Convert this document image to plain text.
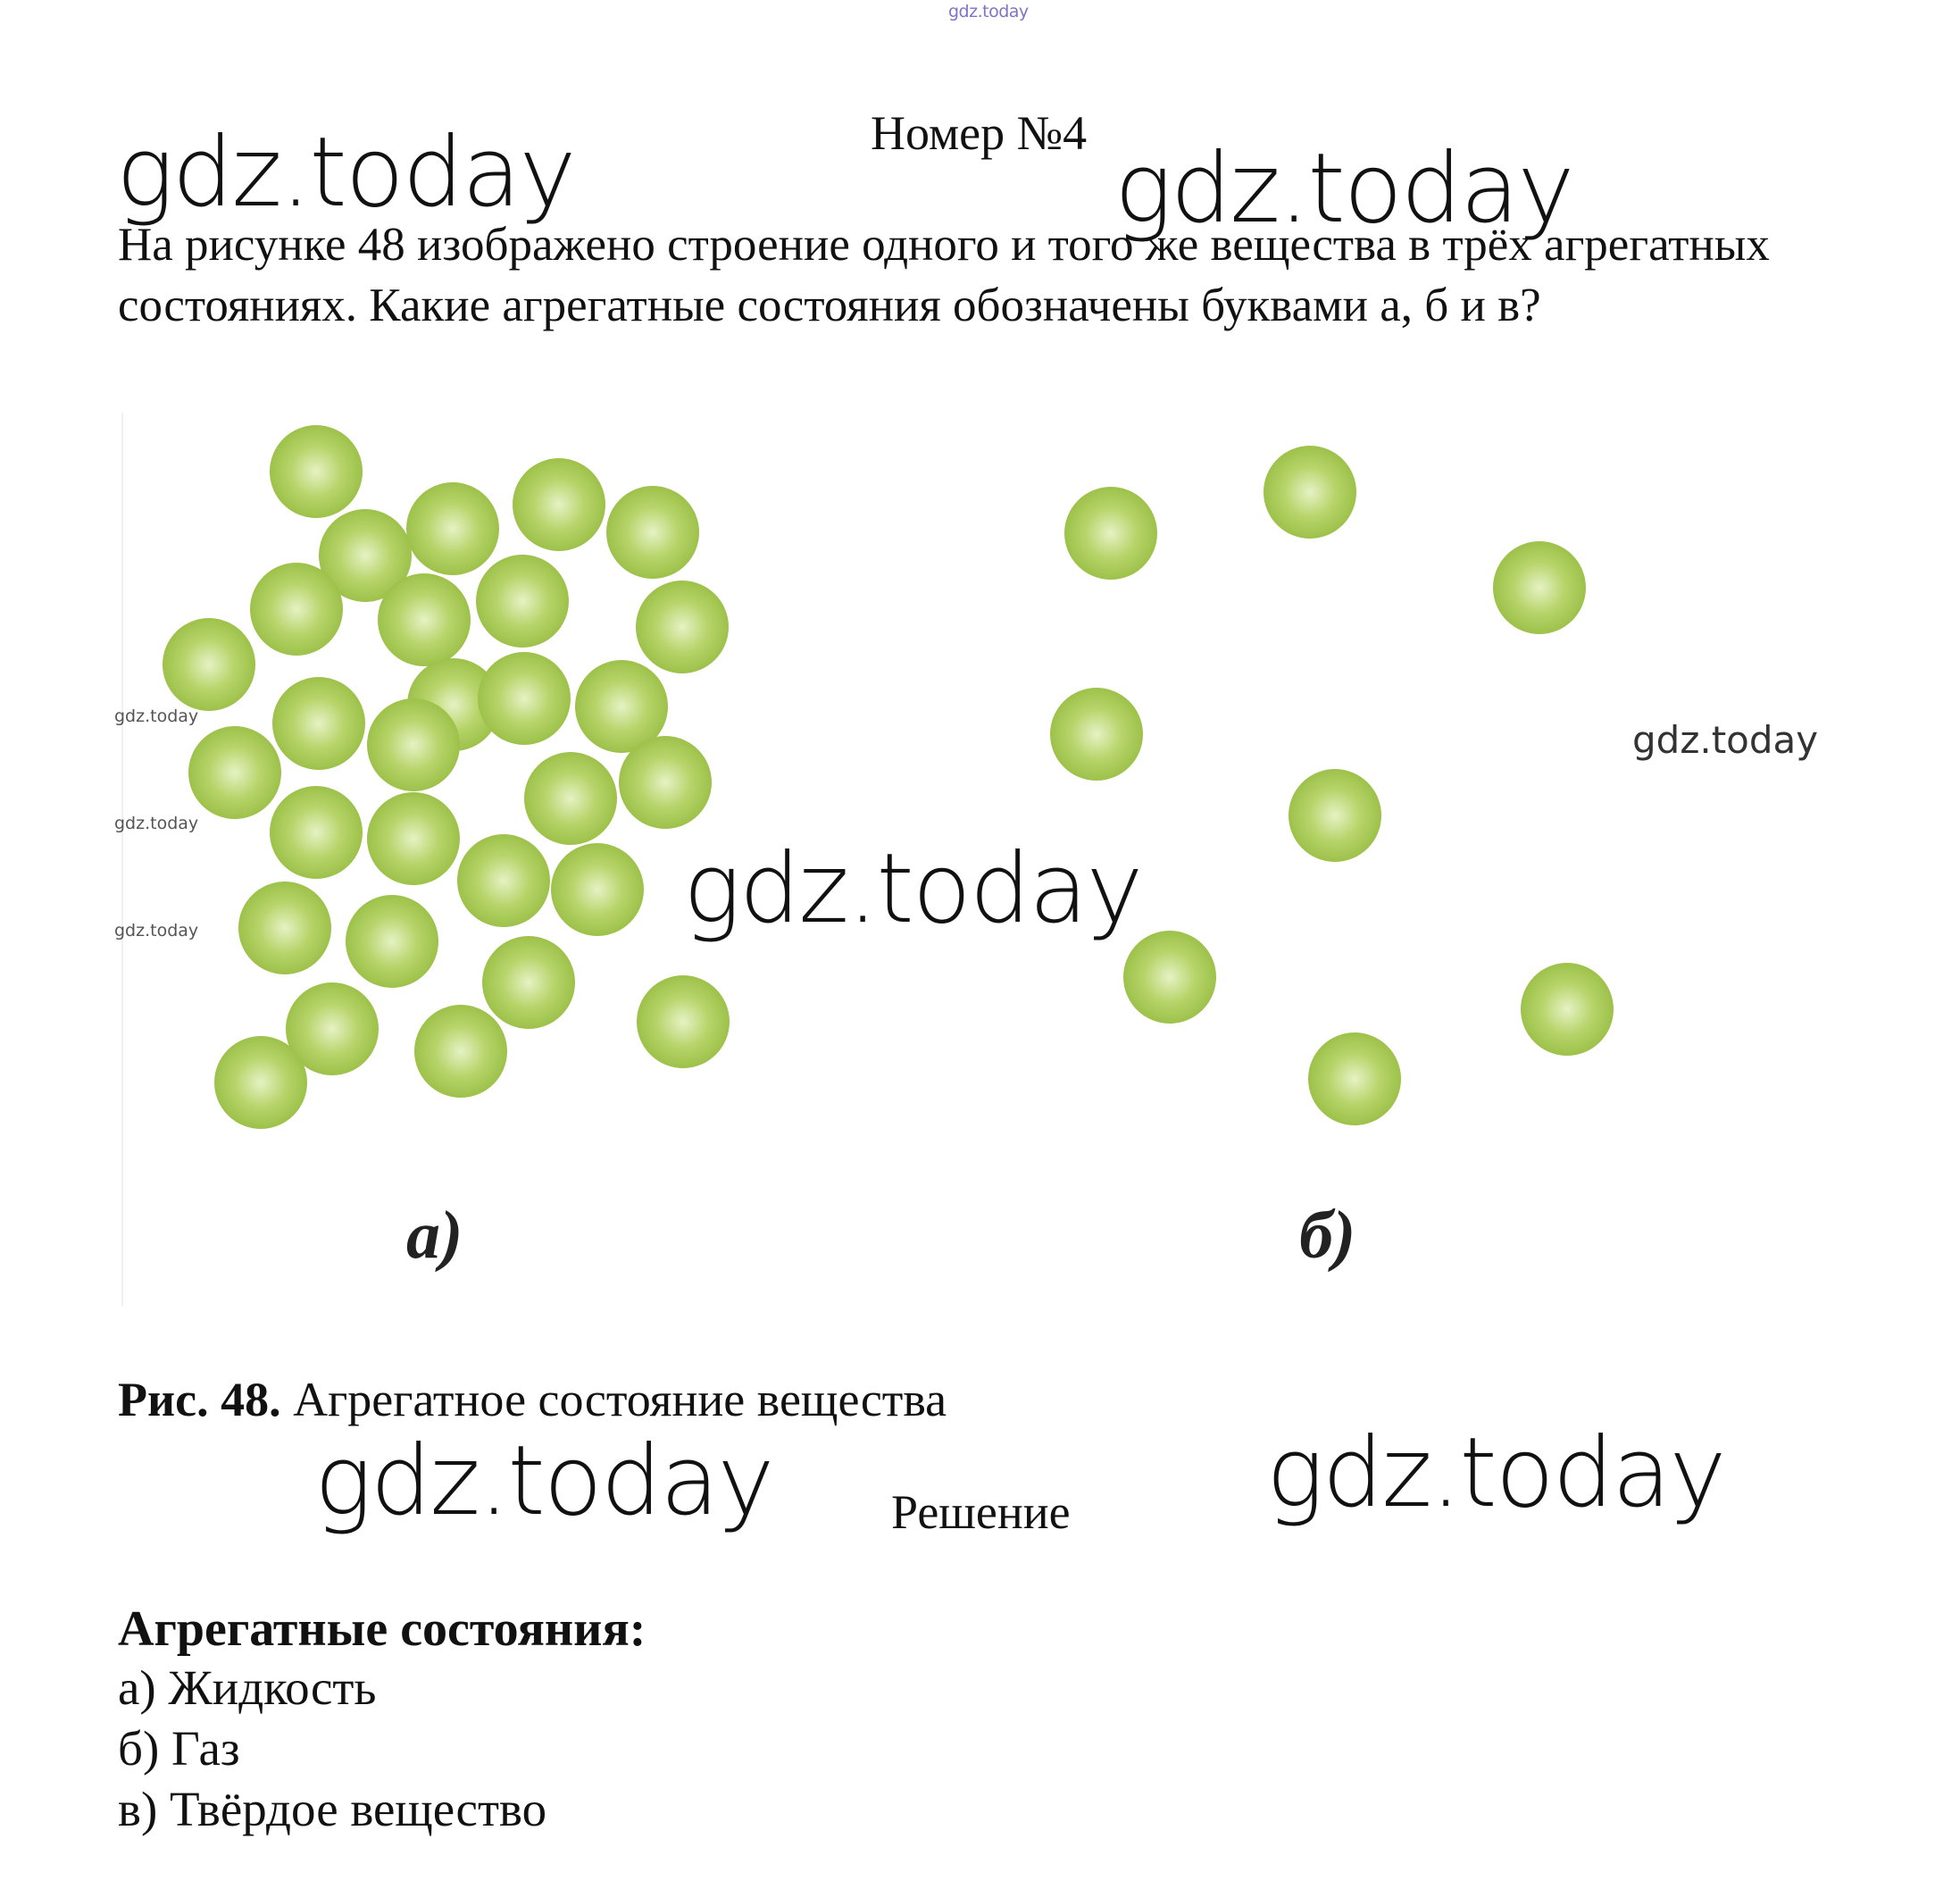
gdz.today
Номер №4
gdz.today	gdz.today
На рисунке 48 изображено строение одного и того же вещества в трёх агрегатных состояниях. Какие агрегатные состояния обозначены буквами а, б и в?
а)	б)
gdz.today
gdz.today
gdz.today
gdz.today
gdz.today
Рис. 48. Агрегатное состояние вещества
gdz.today	gdz.today
Решение
Агрегатные состояния:
а) Жидкость
б) Газ
в) Твёрдое вещество
